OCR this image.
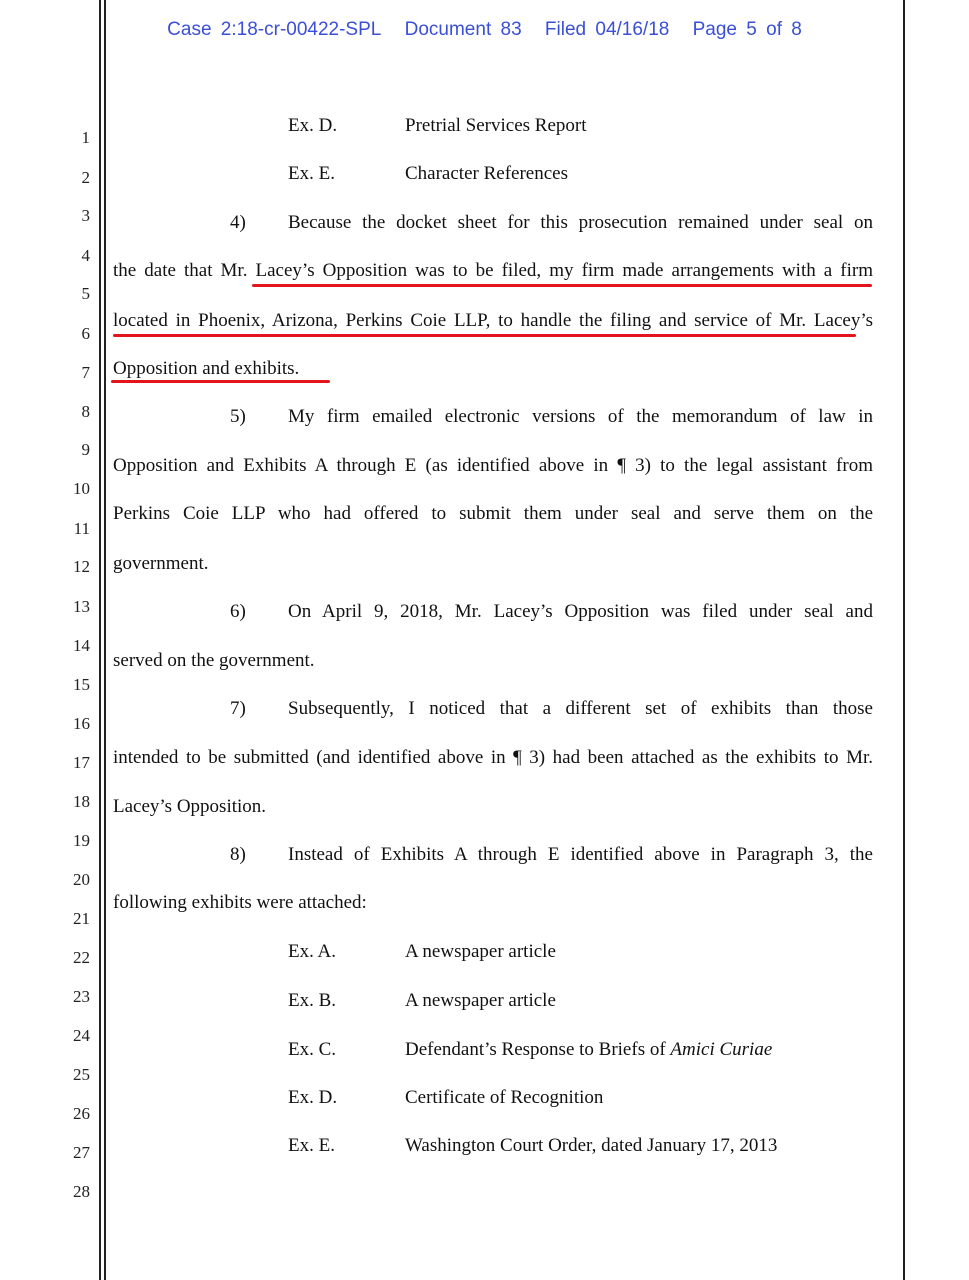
Case 2:18-cr-00422-SPL Document 83 Filed 04/16/18 Page 5 of 8
1
2
3
4
5
6
7
8
9
10
11
12
13
14
15
16
17
18
19
20
21
22
23
24
25
26
27
28
Ex. D.	Pretrial Services Report
Ex. E.	Character References
4) Because the docket sheet for this prosecution remained under seal on
the date that Mr. Lacey’s Opposition was to be filed, my firm made arrangements with a firm
located in Phoenix, Arizona, Perkins Coie LLP, to handle the filing and service of Mr. Lacey’s
Opposition and exhibits.
5) My firm emailed electronic versions of the memorandum of law in
Opposition and Exhibits A through E (as identified above in ¶ 3) to the legal assistant from
Perkins Coie LLP who had offered to submit them under seal and serve them on the
government.
6) On April 9, 2018, Mr. Lacey’s Opposition was filed under seal and
served on the government.
7) Subsequently, I noticed that a different set of exhibits than those
intended to be submitted (and identified above in ¶ 3) had been attached as the exhibits to Mr.
Lacey’s Opposition.
8) Instead of Exhibits A through E identified above in Paragraph 3, the
following exhibits were attached:
Ex. A.	A newspaper article
Ex. B.	A newspaper article
Ex. C.	Defendant’s Response to Briefs of Amici Curiae
Ex. D.	Certificate of Recognition
Ex. E.	Washington Court Order, dated January 17, 2013
